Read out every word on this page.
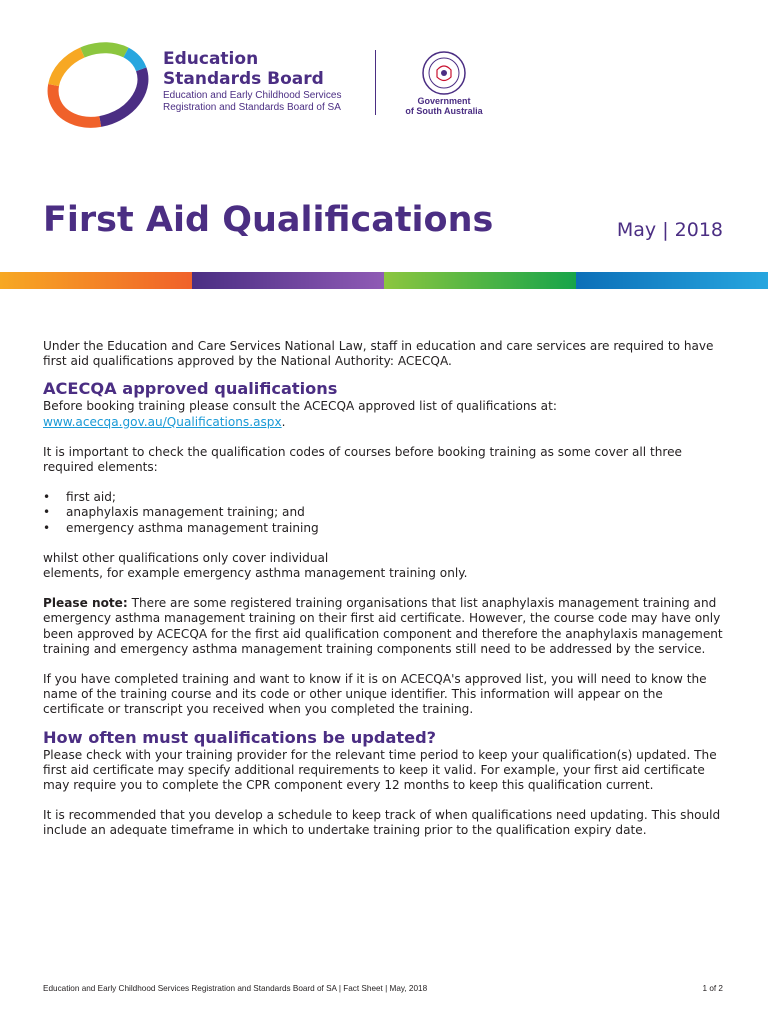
Education
Standards Board
Education and Early Childhood Services
Registration and Standards Board of SA
Government
of South Australia
First Aid Qualifications	May | 2018

Under the Education and Care Services National Law, staff in education and care services are required to have first aid qualifications approved by the National Authority: ACECQA.

ACECQA approved qualifications

Before booking training please consult the ACECQA approved list of qualifications at:
www.acecqa.gov.au/Qualifications.aspx.

It is important to check the qualification codes of courses before booking training as some cover all three required elements:

• first aid;
• anaphylaxis management training; and
• emergency asthma management training

whilst other qualifications only cover individual
elements, for example emergency asthma management training only.

Please note: There are some registered training organisations that list anaphylaxis management training and emergency asthma management training on their first aid certificate. However, the course code may have only been approved by ACECQA for the first aid qualification component and therefore the anaphylaxis management training and emergency asthma management training components still need to be addressed by the service.

If you have completed training and want to know if it is on ACECQA's approved list, you will need to know the name of the training course and its code or other unique identifier. This information will appear on the certificate or transcript you received when you completed the training.

How often must qualifications be updated?

Please check with your training provider for the relevant time period to keep your qualification(s) updated. The first aid certificate may specify additional requirements to keep it valid. For example, your first aid certificate may require you to complete the CPR component every 12 months to keep this qualification current.

It is recommended that you develop a schedule to keep track of when qualifications need updating. This should include an adequate timeframe in which to undertake training prior to the qualification expiry date.

Education and Early Childhood Services Registration and Standards Board of SA | Fact Sheet | May, 2018	1 of 2
